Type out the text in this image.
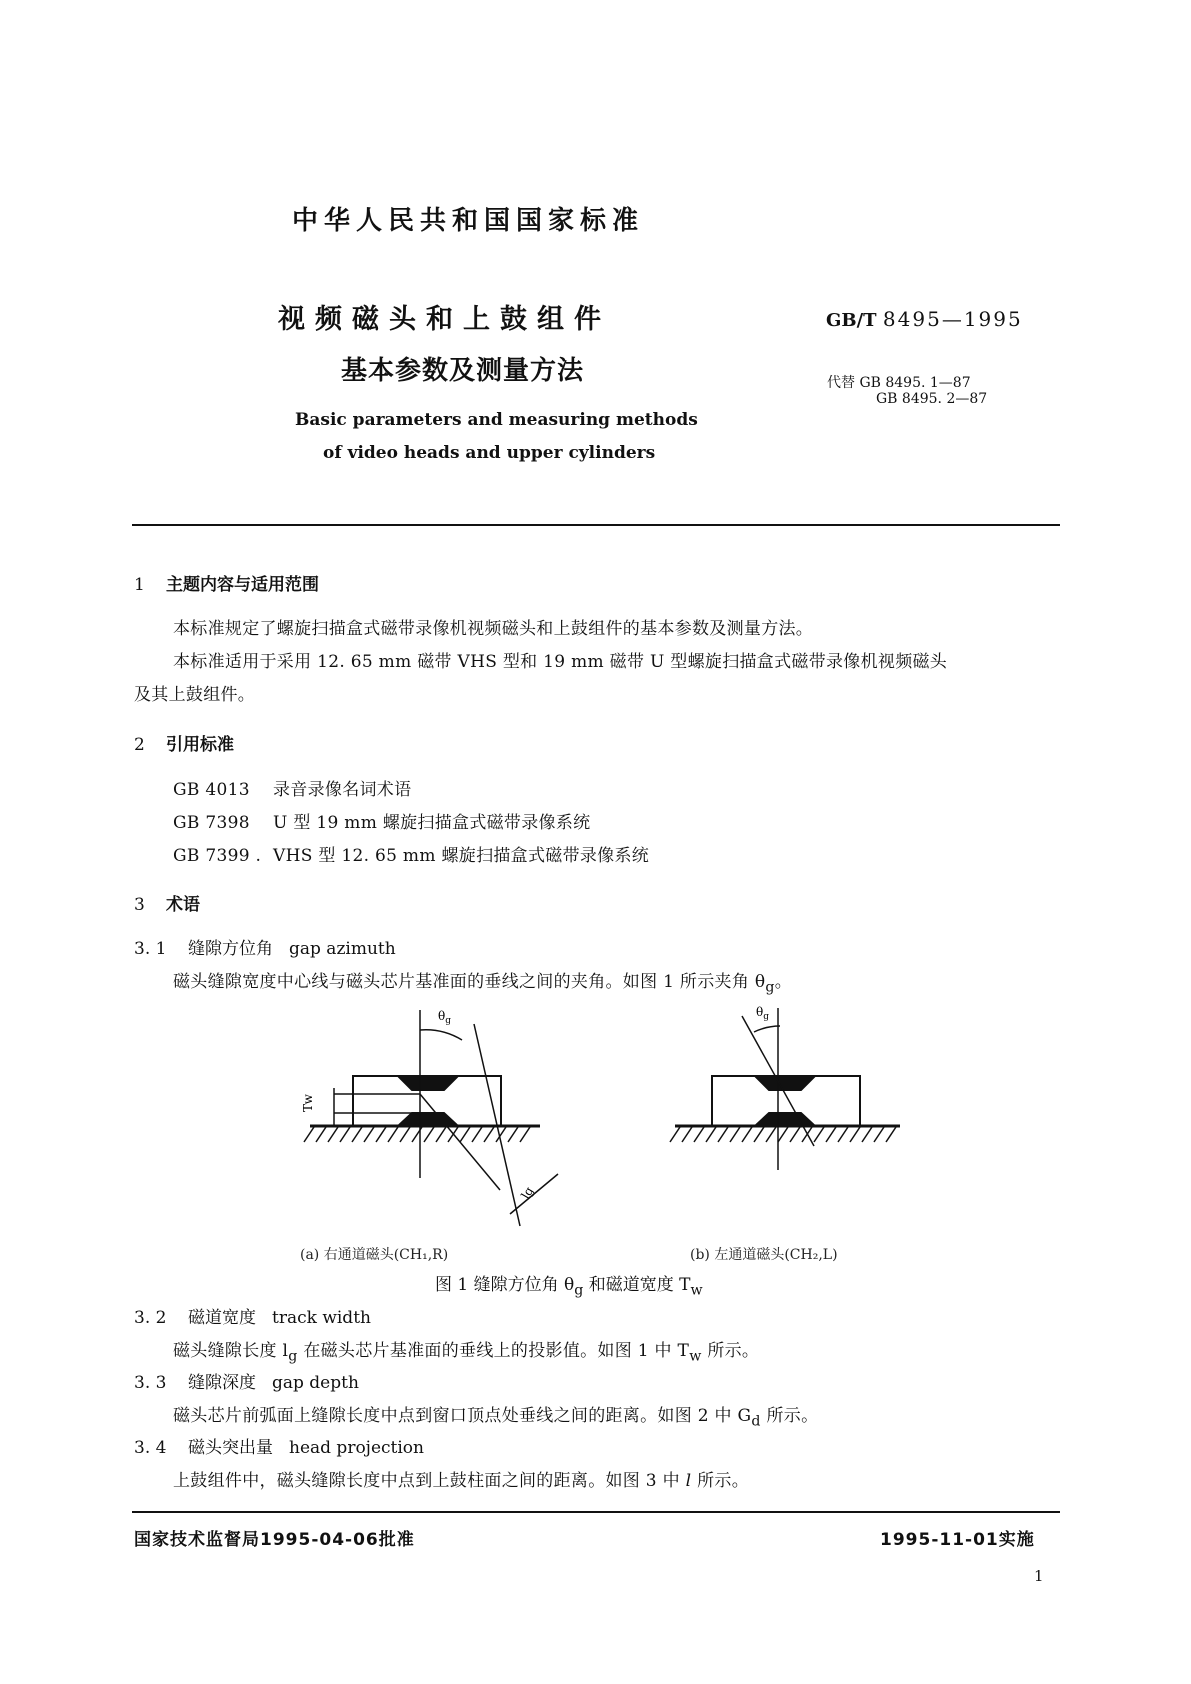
中华人民共和国国家标准
视频磁头和上鼓组件
基本参数及测量方法
Basic parameters and measuring methods
of video heads and upper cylinders
GB/T 8495—1995
代替 GB 8495. 1—87
GB 8495. 2—87
1 主题内容与适用范围
本标准规定了螺旋扫描盒式磁带录像机视频磁头和上鼓组件的基本参数及测量方法。
本标准适用于采用 12. 65 mm 磁带 VHS 型和 19 mm 磁带 U 型螺旋扫描盒式磁带录像机视频磁头
及其上鼓组件。
2 引用标准
GB 4013 录音录像名词术语
GB 7398 U 型 19 mm 螺旋扫描盒式磁带录像系统
GB 7399 . VHS 型 12. 65 mm 螺旋扫描盒式磁带录像系统
3 术语
3. 1 缝隙方位角 gap azimuth
磁头缝隙宽度中心线与磁头芯片基准面的垂线之间的夹角。如图 1 所示夹角 $\theta_g$。
$\theta_g$
Tw
lg
$\theta_g$
(a) 右通道磁头(CH₁,R)	(b) 左通道磁头(CH₂,L)
图 1 缝隙方位角 $\theta_g$ 和磁道宽度 $T_w$
3. 2 磁道宽度 track width
磁头缝隙长度 $l_g$ 在磁头芯片基准面的垂线上的投影值。如图 1 中 $T_w$ 所示。
3. 3 缝隙深度 gap depth
磁头芯片前弧面上缝隙长度中点到窗口顶点处垂线之间的距离。如图 2 中 $G_d$ 所示。
3. 4 磁头突出量 head projection
上鼓组件中，磁头缝隙长度中点到上鼓柱面之间的距离。如图 3 中 l 所示。
国家技术监督局1995-04-06批准	1995-11-01实施
1
